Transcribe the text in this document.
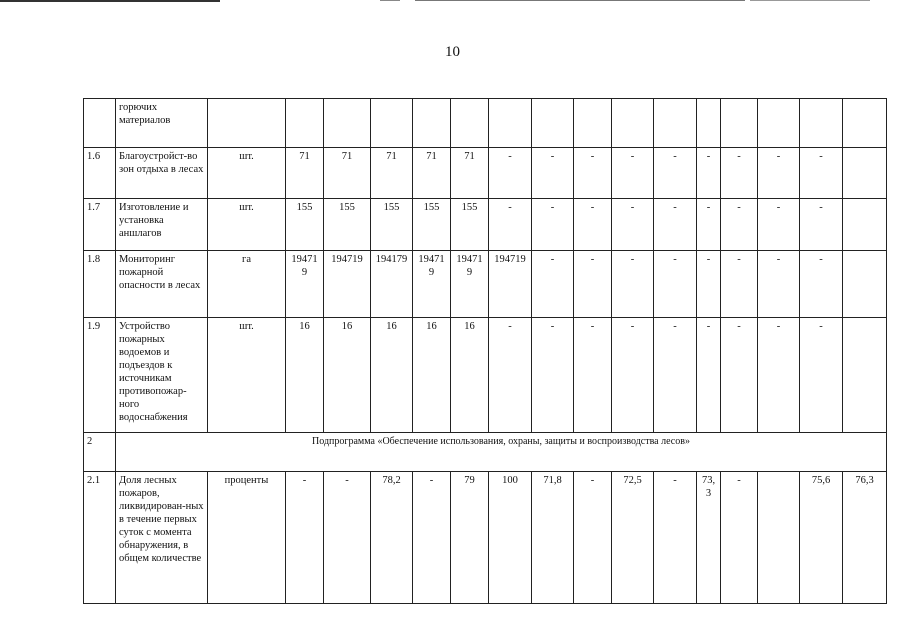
10
	горючих материалов																
1.6	Благоустройст-во зон отдыха в лесах	шт.	71	71	71	71	71	-	-	-	-	-	-	-	-	-	
1.7	Изготовление и установка аншлагов	шт.	155	155	155	155	155	-	-	-	-	-	-	-	-	-	
1.8	Мониторинг пожарной опасности в лесах	га	194719	194719	194179	194719	194719	194719	-	-	-	-	-	-	-	-	
1.9	Устройство пожарных водоемов и подъездов к источникам противопожар-ного водоснабжения	шт.	16	16	16	16	16	-	-	-	-	-	-	-	-	-	
2	Подпрограмма «Обеспечение использования, охраны, защиты и воспроизводства лесов»																
2.1	Доля лесных пожаров, ликвидирован-ных в течение первых суток с момента обнаружения, в общем количестве	проценты	-	-	78,2	-	79	100	71,8	-	72,5	-	73,3	-		75,6	76,3
